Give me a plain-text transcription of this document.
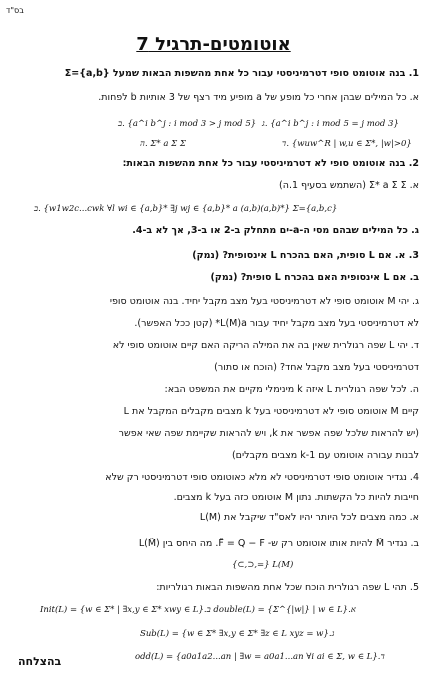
בס"ד
אוטומטים-תרגיל 7
1. בנה אוטומט סופי דטרמיניסטי עבור כל אחת מהשפות הבאות שמעל {a,b}=Σ
א. כל המילים שבהן אחרי כל מופע של a מופיע מיד רצף של 3 אותיות b לפחות.
ב. {a^i b^j : i mod 3 > j mod 5} ג. {a^i b^j : i mod 5 = j mod 3}
ד. {wuw^R | w,u ∈ Σ*, |w|>0}
ה. Σ* a Σ Σ
2. בנה אוטומט סופי לא דטרמיניסטי עבור כל אחת מהשפות הבאות:
א. Σ* a Σ Σ (השתמש בסעיף 1.ה)
ב. {w1w2c...cwk ∀l wi ∈ {a,b}* ∃j wj ∈ {a,b}* a (a,b)(a,b)*} Σ={a,b,c}
ג. כל המילים שבהם מסי ה-a-ים מתחלק ב-2 או ב-3, אך לא ב-4.
3. א. אם L סופית, האם בהכרח L̄ אינסופית? (נמק)
ב. אם L אינסופית האם בהכרח L̄ סופית? (נמק)
ג. יהי M אוטומט סופי לא דטרמיניסטי בעל מצב מקבל יחיד. בנה אוטומט סופי
לא דטרמיניסטי בעל מצב מקבל יחיד עבור L(M)a* (קטן ככל האפשר).
ד. יהי L שפה רגולרית שאין בה את המילה הריקה האם קיים אוטומט סופי לא
דטרמיניסטי בעל מצב מקבל אחד? (הוכח או סתור)
ה. לכל שפה רגולרית L איזה k מינימלי מקיים את המשפט הבא:
קיים M אוטומט סופי לא דטרמיניסטי בעל k מצבים מקבלים המקבל את L
(יש להראות שלכל שפה אפשר את k, ויש להראות שקיימת שפה שאי אפשר
לבנות עבורה אוטומט עם 1-k מצבים מקבלים)
4. נגדיר אוטומט סופי דטרמיניסטי לא מלא כאוטומט סופי דטרמיניסטי רק שלא
חייבות להיות כל הקשתות. נתון M אוטומט כזה בעל k מצבים.
א. כמה מצבים לכל היותר יהיו לאס"ד שיקבל את L(M̄)
ב. נגדיר M̃ להיות אותו אוטומט רק ש- F̃ = Q − F. מה היחס בין L(M̃)
{⊂,⊃,=} L(M)
5. תהי L שפה רגולרית הוכח שכל אחת מהשפות הבאות רגולריות:
Init(L) = {w ∈ Σ* | ∃x,y ∈ Σ* xwy ∈ L}.ב double(L) = {Σ^{|w|} | w ∈ L}.א
Sub(L) = {w ∈ Σ* ∃x,y ∈ Σ* ∃z ∈ L xyz = w}.ג
odd(L) = {a0a1a2...an | ∃w = a0a1...an ∀i ai ∈ Σ, w ∈ L}.ד
בהצלחה
